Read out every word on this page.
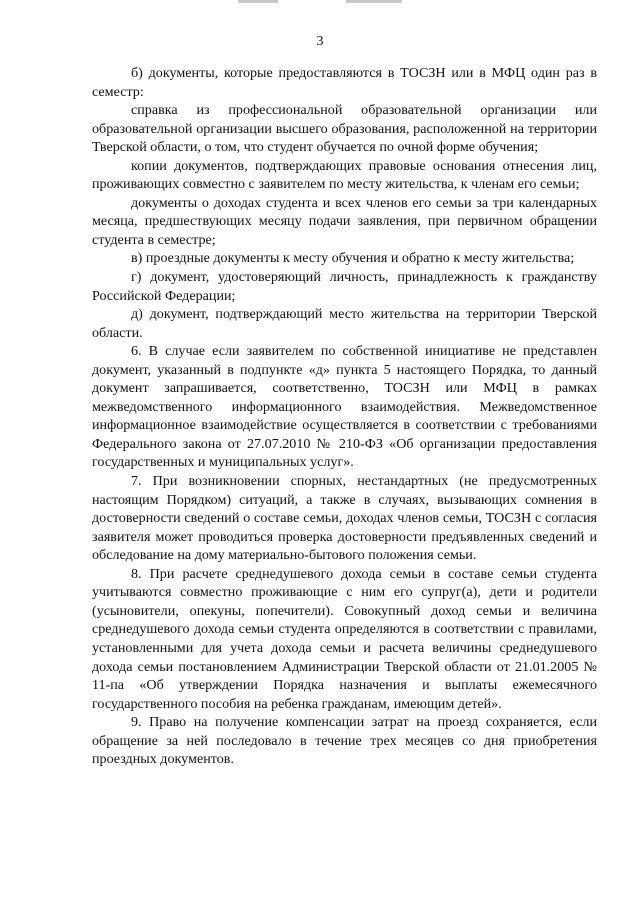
3

б) документы, которые предоставляются в ТОСЗН или в МФЦ один раз в семестр:

справка из профессиональной образовательной организации или образовательной организации высшего образования, расположенной на территории Тверской области, о том, что студент обучается по очной форме обучения;

копии документов, подтверждающих правовые основания отнесения лиц, проживающих совместно с заявителем по месту жительства, к членам его семьи;

документы о доходах студента и всех членов его семьи за три календарных месяца, предшествующих месяцу подачи заявления, при первичном обращении студента в семестре;

в) проездные документы к месту обучения и обратно к месту жительства;

г) документ, удостоверяющий личность, принадлежность к гражданству Российской Федерации;

д) документ, подтверждающий место жительства на территории Тверской области.

6. В случае если заявителем по собственной инициативе не представлен документ, указанный в подпункте «д» пункта 5 настоящего Порядка, то данный документ запрашивается, соответственно, ТОСЗН или МФЦ в рамках межведомственного информационного взаимодействия. Межведомственное информационное взаимодействие осуществляется в соответствии с требованиями Федерального закона от 27.07.2010 № 210-ФЗ «Об организации предоставления государственных и муниципальных услуг».

7. При возникновении спорных, нестандартных (не предусмотренных настоящим Порядком) ситуаций, а также в случаях, вызывающих сомнения в достоверности сведений о составе семьи, доходах членов семьи, ТОСЗН с согласия заявителя может проводиться проверка достоверности предъявленных сведений и обследование на дому материально-бытового положения семьи.

8. При расчете среднедушевого дохода семьи в составе семьи студента учитываются совместно проживающие с ним его супруг(а), дети и родители (усыновители, опекуны, попечители). Совокупный доход семьи и величина среднедушевого дохода семьи студента определяются в соответствии с правилами, установленными для учета дохода семьи и расчета величины среднедушевого дохода семьи постановлением Администрации Тверской области от 21.01.2005 № 11-па «Об утверждении Порядка назначения и выплаты ежемесячного государственного пособия на ребенка гражданам, имеющим детей».

9. Право на получение компенсации затрат на проезд сохраняется, если обращение за ней последовало в течение трех месяцев со дня приобретения проездных документов.
